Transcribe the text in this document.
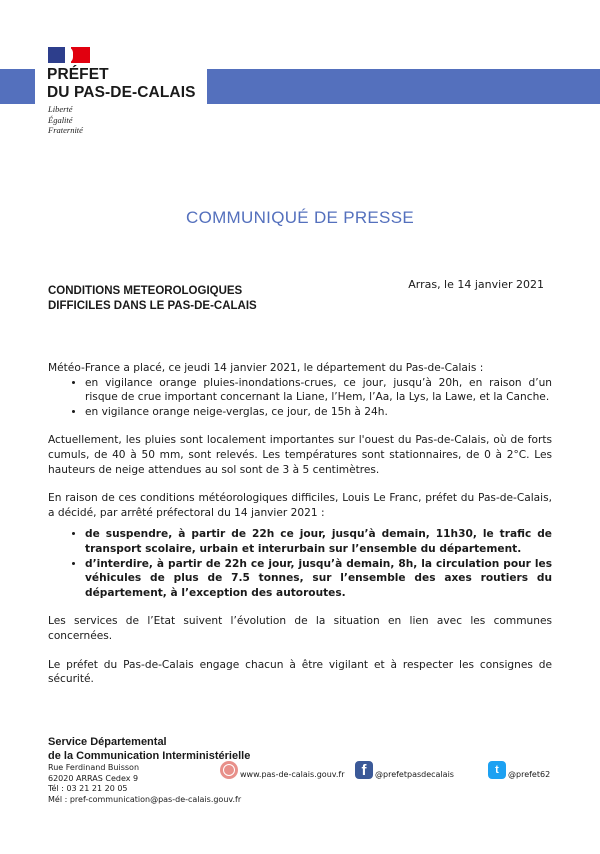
PRÉFET
DU PAS-DE-CALAIS
Liberté
Égalité
Fraternité
COMMUNIQUÉ DE PRESSE
CONDITIONS METEOROLOGIQUES
DIFFICILES DANS LE PAS-DE-CALAIS
Arras, le 14 janvier 2021

Météo-France a placé, ce jeudi 14 janvier 2021, le département du Pas-de-Calais :

• en vigilance orange pluies-inondations-crues, ce jour, jusqu’à 20h, en raison d’un risque de crue important concernant la Liane, l’Hem, l’Aa, la Lys, la Lawe, et la Canche.
• en vigilance orange neige-verglas, ce jour, de 15h à 24h.

Actuellement, les pluies sont localement importantes sur l'ouest du Pas-de-Calais, où de forts cumuls, de 40 à 50 mm, sont relevés. Les températures sont stationnaires, de 0 à 2°C. Les hauteurs de neige attendues au sol sont de 3 à 5 centimètres.

En raison de ces conditions météorologiques difficiles, Louis Le Franc, préfet du Pas-de-Calais, a décidé, par arrêté préfectoral du 14 janvier 2021 :

• de suspendre, à partir de 22h ce jour, jusqu’à demain, 11h30, le trafic de transport scolaire, urbain et interurbain sur l’ensemble du département.
• d’interdire, à partir de 22h ce jour, jusqu’à demain, 8h, la circulation pour les véhicules de plus de 7.5 tonnes, sur l’ensemble des axes routiers du département, à l’exception des autoroutes.

Les services de l’Etat suivent l’évolution de la situation en lien avec les communes concernées.

Le préfet du Pas-de-Calais engage chacun à être vigilant et à respecter les consignes de sécurité.

Service Départemental
de la Communication Interministérielle
Rue Ferdinand Buisson
62020 ARRAS Cedex 9
Tél : 03 21 21 20 05
Mél : pref-communication@pas-de-calais.gouv.fr
www.pas-de-calais.gouv.fr	f	@prefetpasdecalais	t	@prefet62
